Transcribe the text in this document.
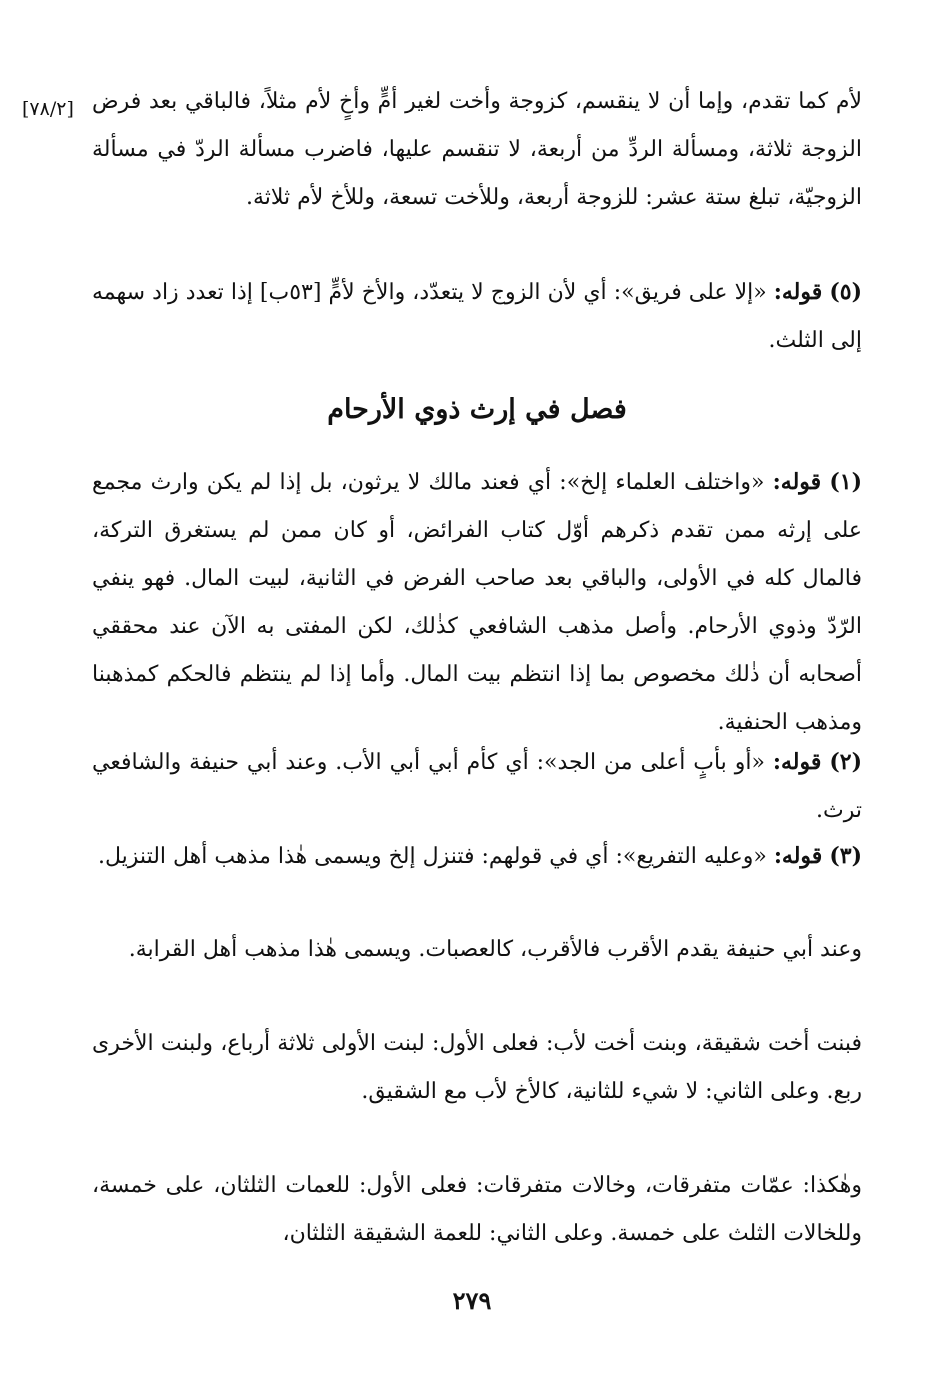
[٧٨/٢] لأم كما تقدم، وإما أن لا ينقسم، كزوجة وأخت لغير أمٍّ وأخٍ لأم مثلاً، فالباقي بعد فرض الزوجة ثلاثة، ومسألة الردِّ من أربعة، لا تنقسم عليها، فاضرب مسألة الردّ في مسألة الزوجيّة، تبلغ ستة عشر: للزوجة أربعة، وللأخت تسعة، وللأخ لأم ثلاثة.

(٥) قوله: «إلا على فريق»: أي لأن الزوج لا يتعدّد، والأخ لأمٍّ [٥٣ب] إذا تعدد زاد سهمه إلى الثلث.

فصل في إرث ذوي الأرحام

(١) قوله: «واختلف العلماء إلخ»: أي فعند مالك لا يرثون، بل إذا لم يكن وارث مجمع على إرثه ممن تقدم ذكرهم أوّل كتاب الفرائض، أو كان ممن لم يستغرق التركة، فالمال كله في الأولى، والباقي بعد صاحب الفرض في الثانية، لبيت المال. فهو ينفي الرّدّ وذوي الأرحام. وأصل مذهب الشافعي كذٰلك، لكن المفتى به الآن عند محققي أصحابه أن ذٰلك مخصوص بما إذا انتظم بيت المال. وأما إذا لم ينتظم فالحكم كمذهبنا ومذهب الحنفية.

(٢) قوله: «أو بأبٍ أعلى من الجد»: أي كأم أبي أبي الأب. وعند أبي حنيفة والشافعي ترث.

(٣) قوله: «وعليه التفريع»: أي في قولهم: فتنزل إلخ ويسمى هٰذا مذهب أهل التنزيل.

وعند أبي حنيفة يقدم الأقرب فالأقرب، كالعصبات. ويسمى هٰذا مذهب أهل القرابة.

فبنت أخت شقيقة، وبنت أخت لأب: فعلى الأول: لبنت الأولى ثلاثة أرباع، ولبنت الأخرى ربع. وعلى الثاني: لا شيء للثانية، كالأخ لأب مع الشقيق.

وهٰكذا: عمّات متفرقات، وخالات متفرقات: فعلى الأول: للعمات الثلثان، على خمسة، وللخالات الثلث على خمسة. وعلى الثاني: للعمة الشقيقة الثلثان،

٢٧٩
